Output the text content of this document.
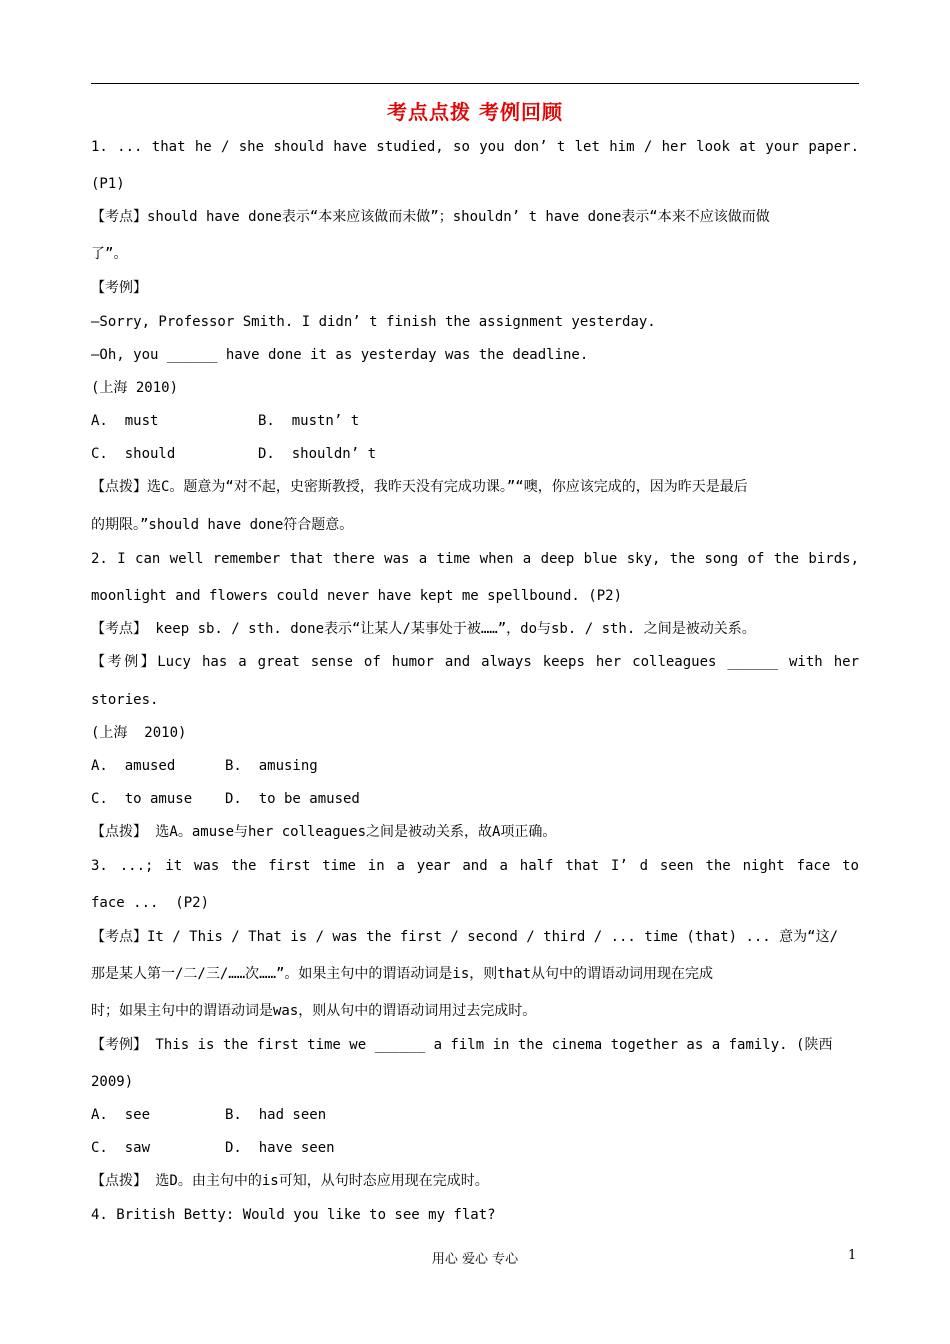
考点点拨 考例回顾
1. ... that he / she should have studied, so you don’ t let him / her look at your paper.
(P1)
【考点】should have done表示“本来应该做而未做”；shouldn’ t have done表示“本来不应该做而做
了”。
【考例】
—Sorry, Professor Smith. I didn’ t finish the assignment yesterday.
—Oh, you ______ have done it as yesterday was the deadline.
(上海 2010)
A.  must	B.  mustn’ t
C.  should	D.  shouldn’ t
【点拨】选C。题意为“对不起，史密斯教授，我昨天没有完成功课。”“噢，你应该完成的，因为昨天是最后
的期限。”should have done符合题意。
2. I can well remember that there was a time when a deep blue sky, the song of the birds,
moonlight and flowers could never have kept me spellbound. (P2)
【考点】 keep sb. / sth. done表示“让某人/某事处于被……”，do与sb. / sth. 之间是被动关系。
【考例】Lucy has a great sense of humor and always keeps her colleagues ______ with her
stories.
(上海  2010)
A.  amused	B.  amusing
C.  to amuse	D.  to be amused
【点拨】 选A。amuse与her colleagues之间是被动关系，故A项正确。
3. ...; it was the first time in a year and a half that I’ d seen the night face to
face ...  (P2)
【考点】It / This / That is / was the first / second / third / ... time (that) ... 意为“这/
那是某人第一/二/三/……次……”。如果主句中的谓语动词是is，则that从句中的谓语动词用现在完成
时；如果主句中的谓语动词是was，则从句中的谓语动词用过去完成时。
【考例】 This is the first time we ______ a film in the cinema together as a family. (陕西
2009)
A.  see	B.  had seen
C.  saw	D.  have seen
【点拨】 选D。由主句中的is可知，从句时态应用现在完成时。
4. British Betty: Would you like to see my flat?
用心 爱心 专心	1
